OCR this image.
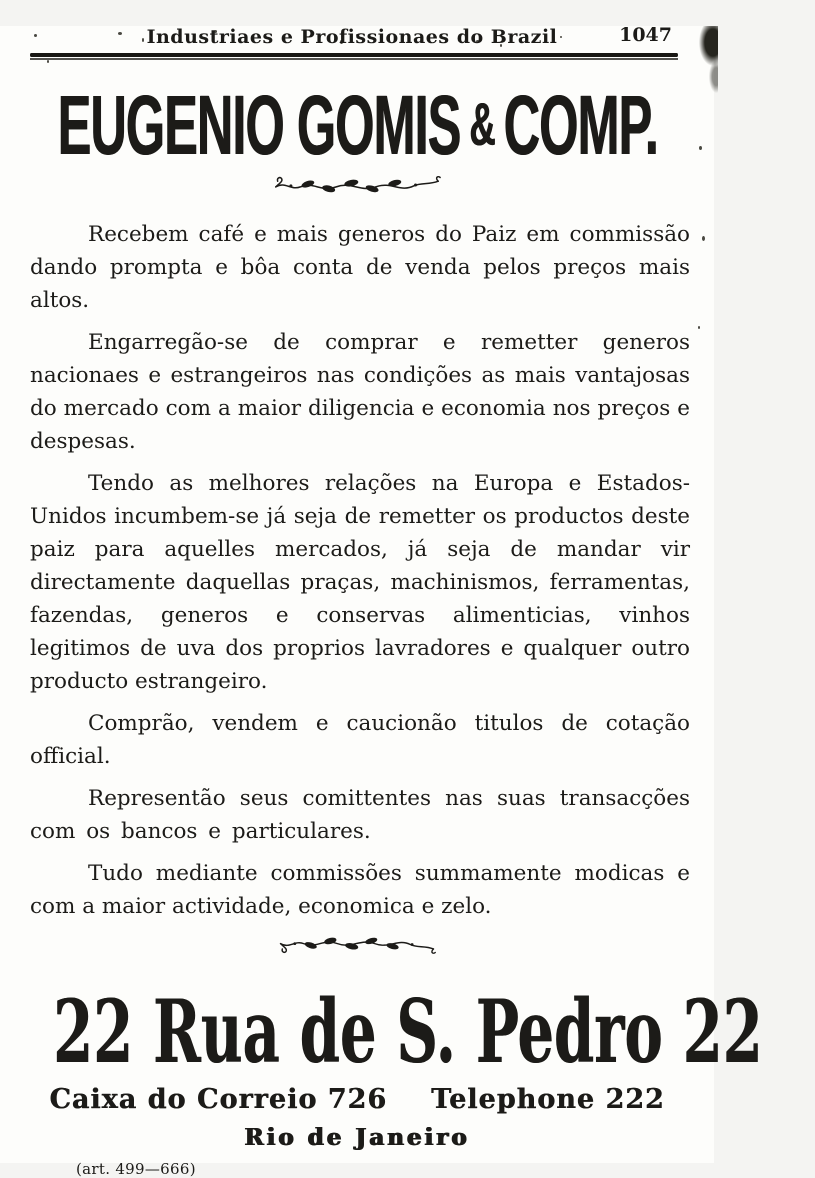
Industriaes e Profissionaes do Brazil	1047
EUGENIO GOMIS & COMP.

Recebem café e mais generos do Paiz em commissão dando prompta e bôa conta de venda pelos preços mais altos.

Engarregão-se de comprar e remetter generos nacionaes e estrangeiros nas condições as mais vantajosas do mercado com a maior diligencia e economia nos preços e despesas.

Tendo as melhores relações na Europa e Estados-Unidos incumbem-se já seja de remetter os productos deste paiz para aquelles mercados, já seja de mandar vir directamente daquellas praças, machinismos, ferramentas, fazendas, generos e conservas alimenticias, vinhos legitimos de uva dos proprios lavradores e qualquer outro producto estrangeiro.

Comprão, vendem e caucionão titulos de cotação official.

Representão seus comittentes nas suas transacções com os bancos e particulares.

Tudo mediante commissões summamente modicas e com a maior actividade, economica e zelo.

22 Rua de S. Pedro 22
Caixa do Correio 726 Telephone 222
Rio de Janeiro
(art. 499—666)
